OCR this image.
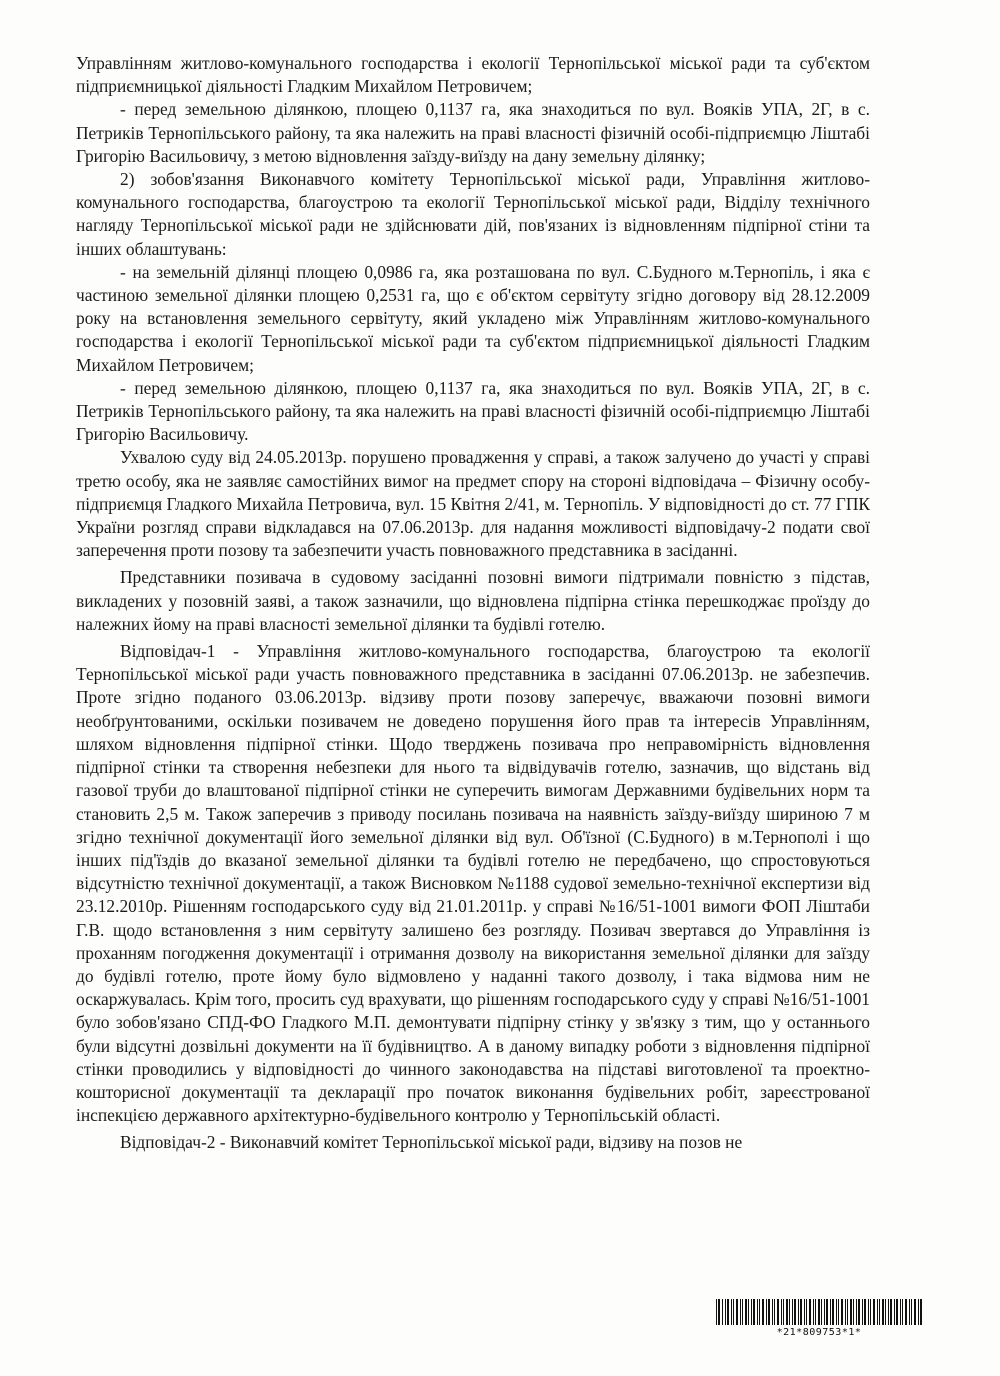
Управлінням житлово-комунального господарства і екології Тернопільської міської ради та суб'єктом підприємницької діяльності Гладким Михайлом Петровичем;

- перед земельною ділянкою, площею 0,1137 га, яка знаходиться по вул. Вояків УПА, 2Г, в с. Петриків Тернопільського району, та яка належить на праві власності фізичній особі-підприємцю Ліштабі Григорію Васильовичу, з метою відновлення заїзду-виїзду на дану земельну ділянку;

2) зобов'язання Виконавчого комітету Тернопільської міської ради, Управління житлово-комунального господарства, благоустрою та екології Тернопільської міської ради, Відділу технічного нагляду Тернопільської міської ради не здійснювати дій, пов'язаних із відновленням підпірної стіни та інших облаштувань:

- на земельній ділянці площею 0,0986 га, яка розташована по вул. С.Будного м.Тернопіль, і яка є частиною земельної ділянки площею 0,2531 га, що є об'єктом сервітуту згідно договору від 28.12.2009 року на встановлення земельного сервітуту, який укладено між Управлінням житлово-комунального господарства і екології Тернопільської міської ради та суб'єктом підприємницької діяльності Гладким Михайлом Петровичем;

- перед земельною ділянкою, площею 0,1137 га, яка знаходиться по вул. Вояків УПА, 2Г, в с. Петриків Тернопільського району, та яка належить на праві власності фізичній особі-підприємцю Ліштабі Григорію Васильовичу.

Ухвалою суду від 24.05.2013р. порушено провадження у справі, а також залучено до участі у справі третю особу, яка не заявляє самостійних вимог на предмет спору на стороні відповідача – Фізичну особу-підприємця Гладкого Михайла Петровича, вул. 15 Квітня 2/41, м. Тернопіль. У відповідності до ст. 77 ГПК України розгляд справи відкладався на 07.06.2013р. для надання можливості відповідачу-2 подати свої заперечення проти позову та забезпечити участь повноважного представника в засіданні.

Представники позивача в судовому засіданні позовні вимоги підтримали повністю з підстав, викладених у позовній заяві, а також зазначили, що відновлена підпірна стінка перешкоджає проїзду до належних йому на праві власності земельної ділянки та будівлі готелю.

Відповідач-1 - Управління житлово-комунального господарства, благоустрою та екології Тернопільської міської ради участь повноважного представника в засіданні 07.06.2013р. не забезпечив. Проте згідно поданого 03.06.2013р. відзиву проти позову заперечує, вважаючи позовні вимоги необґрунтованими, оскільки позивачем не доведено порушення його прав та інтересів Управлінням, шляхом відновлення підпірної стінки. Щодо тверджень позивача про неправомірність відновлення підпірної стінки та створення небезпеки для нього та відвідувачів готелю, зазначив, що відстань від газової труби до влаштованої підпірної стінки не суперечить вимогам Державними будівельних норм та становить 2,5 м. Також заперечив з приводу посилань позивача на наявність заїзду-виїзду шириною 7 м згідно технічної документації його земельної ділянки від вул. Об'їзної (С.Будного) в м.Тернополі і що інших під'їздів до вказаної земельної ділянки та будівлі готелю не передбачено, що спростовуються відсутністю технічної документації, а також Висновком №1188 судової земельно-технічної експертизи від 23.12.2010р. Рішенням господарського суду від 21.01.2011р. у справі №16/51-1001 вимоги ФОП Ліштаби Г.В. щодо встановлення з ним сервітуту залишено без розгляду. Позивач звертався до Управління із проханням погодження документації і отримання дозволу на використання земельної ділянки для заїзду до будівлі готелю, проте йому було відмовлено у наданні такого дозволу, і така відмова ним не оскаржувалась. Крім того, просить суд врахувати, що рішенням господарського суду у справі №16/51-1001 було зобов'язано СПД-ФО Гладкого М.П. демонтувати підпірну стінку у зв'язку з тим, що у останнього були відсутні дозвільні документи на її будівництво. А в даному випадку роботи з відновлення підпірної стінки проводились у відповідності до чинного законодавства на підставі виготовленої та проектно-кошторисної документації та декларації про початок виконання будівельних робіт, зареєстрованої інспекцією державного архітектурно-будівельного контролю у Тернопільській області.

Відповідач-2 - Виконавчий комітет Тернопільської міської ради, відзиву на позов не

*21*809753*1*
